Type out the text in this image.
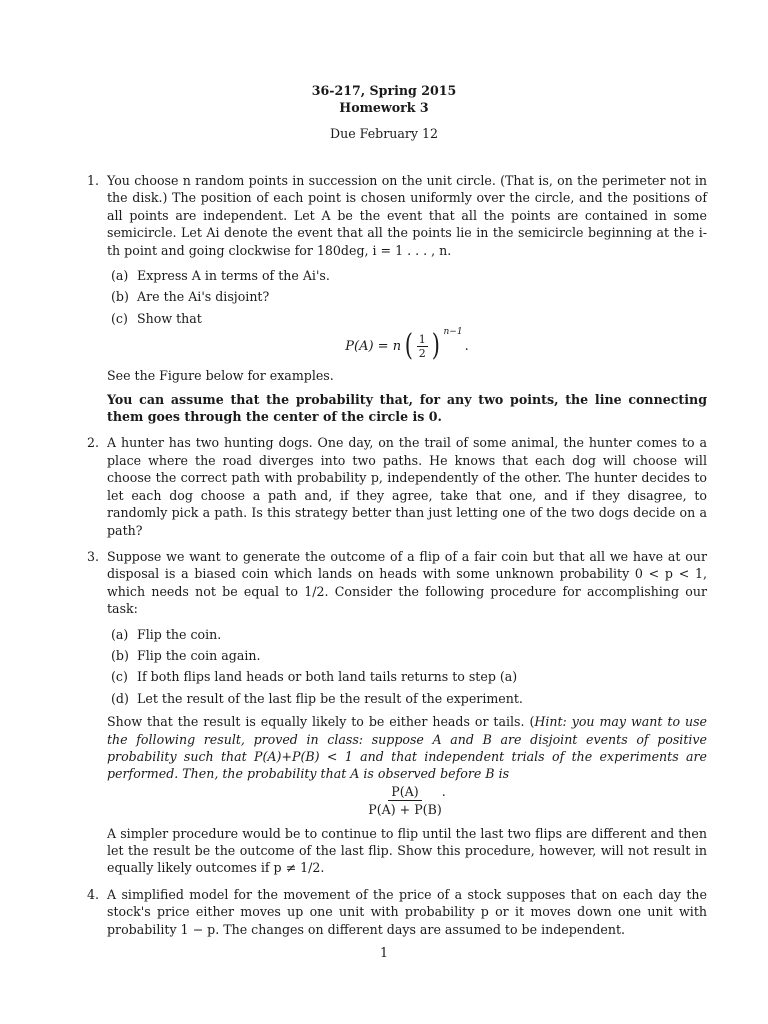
36-217, Spring 2015
Homework 3
Due February 12
1. You choose n random points in succession on the unit circle. (That is, on the perimeter not in the disk.) The position of each point is chosen uniformly over the circle, and the positions of all points are independent. Let A be the event that all the points are contained in some semicircle. Let Ai denote the event that all the points lie in the semicircle beginning at the i-th point and going clockwise for 180deg, i = 1 . . . , n.

(a) Express A in terms of the Ai's.
(b) Are the Ai's disjoint?
(c) Show that
P(A) = n ( $\frac{1}{2}$ ) n−1
.

See the Figure below for examples.

You can assume that the probability that, for any two points, the line connecting them goes through the center of the circle is 0.

2. A hunter has two hunting dogs. One day, on the trail of some animal, the hunter comes to a place where the road diverges into two paths. He knows that each dog will choose will choose the correct path with probability p, independently of the other. The hunter decides to let each dog choose a path and, if they agree, take that one, and if they disagree, to randomly pick a path. Is this strategy better than just letting one of the two dogs decide on a path?

3. Suppose we want to generate the outcome of a flip of a fair coin but that all we have at our disposal is a biased coin which lands on heads with some unknown probability 0 < p < 1, which needs not be equal to 1/2. Consider the following procedure for accomplishing our task:

(a) Flip the coin.
(b) Flip the coin again.
(c) If both flips land heads or both land tails returns to step (a)
(d) Let the result of the last flip be the result of the experiment.

Show that the result is equally likely to be either heads or tails. (Hint: you may want to use the following result, proved in class: suppose A and B are disjoint events of positive probability such that P(A)+P(B) < 1 and that independent trials of the experiments are performed. Then, the probability that A is observed before B is

$\frac{P(A)}{P(A) + P(B)}$ .

A simpler procedure would be to continue to flip until the last two flips are different and then let the result be the outcome of the last flip. Show this procedure, however, will not result in equally likely outcomes if p ≠ 1/2.

4. A simplified model for the movement of the price of a stock supposes that on each day the stock's price either moves up one unit with probability p or it moves down one unit with probability 1 − p. The changes on different days are assumed to be independent.

1
